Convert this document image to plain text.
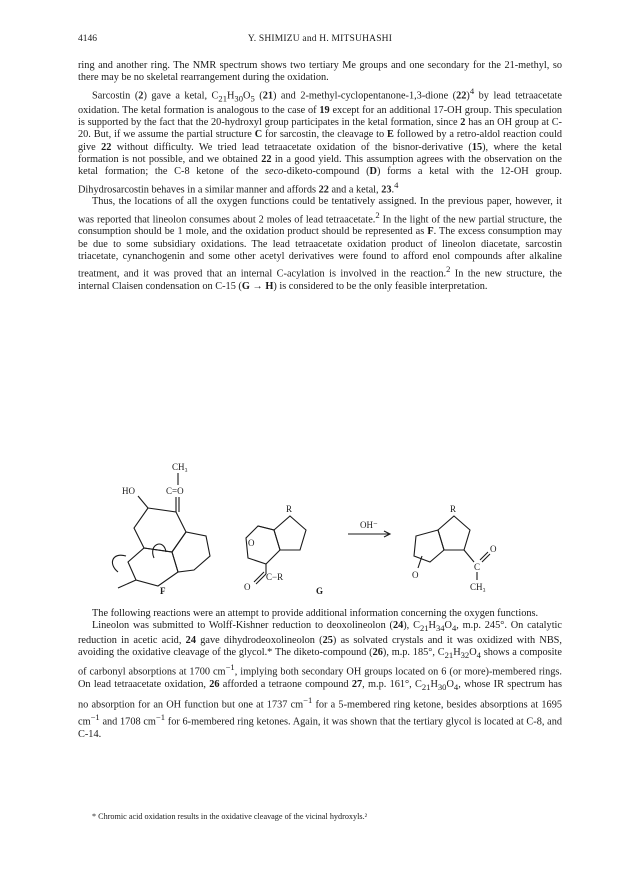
4146	Y. SHIMIZU and H. MITSUHASHI

ring and another ring. The NMR spectrum shows two tertiary Me groups and one secondary for the 21-methyl, so there may be no skeletal rearrangement during the oxidation.

Sarcostin (2) gave a ketal, $C_{21}H_{30}O_5$ (21) and 2-methyl-cyclopentanone-1,3-dione $(22)^4$ by lead tetraacetate oxidation. The ketal formation is analogous to the case of 19 except for an additional 17-OH group. This speculation is supported by the fact that the 20-hydroxyl group participates in the ketal formation, since 2 has an OH group at C-20. But, if we assume the partial structure C for sarcostin, the cleavage to E followed by a retro-aldol reaction could give 22 without difficulty. We tried lead tetraacetate oxidation of the bisnor-derivative (15), where the ketal formation is not possible, and we obtained 22 in a good yield. This assumption agrees with the observation on the ketal formation; the C-8 ketone of the seco-diketo-compound (D) forms a ketal with the 12-OH group. Dihydrosarcostin behaves in a similar manner and affords 22 and a ketal, 23.$^4$

Thus, the locations of all the oxygen functions could be tentatively assigned. In the previous paper, however, it was reported that lineolon consumes about 2 moles of lead tetraacetate.$^2$ In the light of the new partial structure, the consumption should be 1 mole, and the oxidation product should be represented as F. The excess consumption may be due to some subsidiary oxidations. The lead tetraacetate oxidation product of lineolon diacetate, sarcostin triacetate, cynanchogenin and some other acetyl derivatives were found to afford enol compounds after alkaline treatment, and it was proved that an internal C-acylation is involved in the reaction.$^2$ In the new structure, the internal Claisen condensation on C-15 (G → H) is considered to be the only feasible interpretation.

CH₃
C=O
HO
F
R
O
O
C−R
G
OH⁻
R
O
C
O
CH₃

The following reactions were an attempt to provide additional information concerning the oxygen functions.

Lineolon was submitted to Wolff-Kishner reduction to deoxolineolon (24), $C_{21}H_{34}O_4$, m.p. 245°. On catalytic reduction in acetic acid, 24 gave dihydrodeoxolineolon (25) as solvated crystals and it was oxidized with NBS, avoiding the oxidative cleavage of the glycol.* The diketo-compound (26), m.p. 185°, $C_{21}H_{32}O_4$ shows a composite of carbonyl absorptions at 1700 $cm^{-1}$, implying both secondary OH groups located on 6 (or more)-membered rings. On lead tetraacetate oxidation, 26 afforded a tetraone compound 27, m.p. 161°, $C_{21}H_{30}O_4$, whose IR spectrum has no absorption for an OH function but one at 1737 $cm^{-1}$ for a 5-membered ring ketone, besides absorptions at 1695 $cm^{-1}$ and 1708 $cm^{-1}$ for 6-membered ring ketones. Again, it was shown that the tertiary glycol is located at C-8, and C-14.

* Chromic acid oxidation results in the oxidative cleavage of the vicinal hydroxyls.²
